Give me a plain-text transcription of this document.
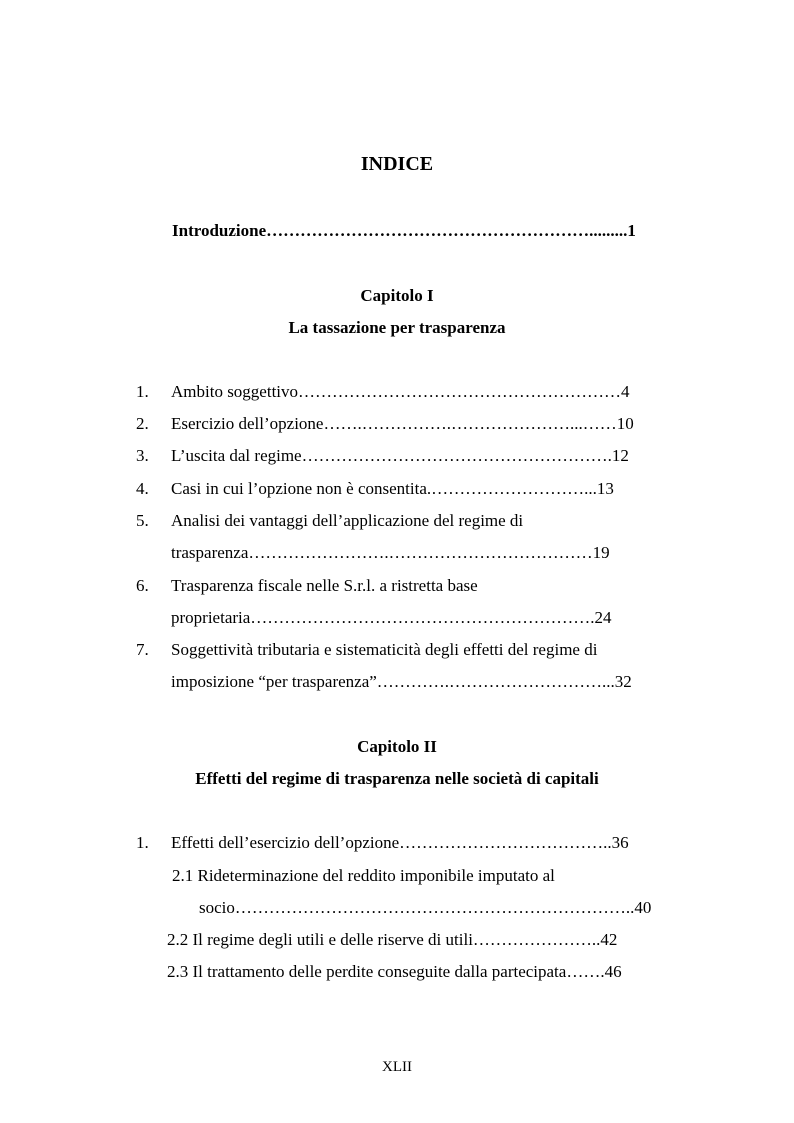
INDICE
Introduzione………………………………………………….........1
Capitolo I
La tassazione per trasparenza
1. Ambito soggettivo…………………………………………………4
2. Esercizio dell’opzione…….…………….…………………...……10
3. L’uscita dal regime……………………………………………….12
4. Casi in cui l’opzione non è consentita.………………………...13
5. Analisi dei vantaggi dell’applicazione del regime di
trasparenza…………………….………………………………19
6. Trasparenza fiscale nelle S.r.l. a ristretta base
proprietaria…………………………………………………….24
7. Soggettività tributaria e sistematicità degli effetti del regime di
imposizione “per trasparenza”………….………………………...32
Capitolo II
Effetti del regime di trasparenza nelle società di capitali
1. Effetti dell’esercizio dell’opzione………………………………..36
2.1 Rideterminazione del reddito imponibile imputato al
socio……………………………………………………………..40
2.2 Il regime degli utili e delle riserve di utili…………………..42
2.3 Il trattamento delle perdite conseguite dalla partecipata…….46
XLII
